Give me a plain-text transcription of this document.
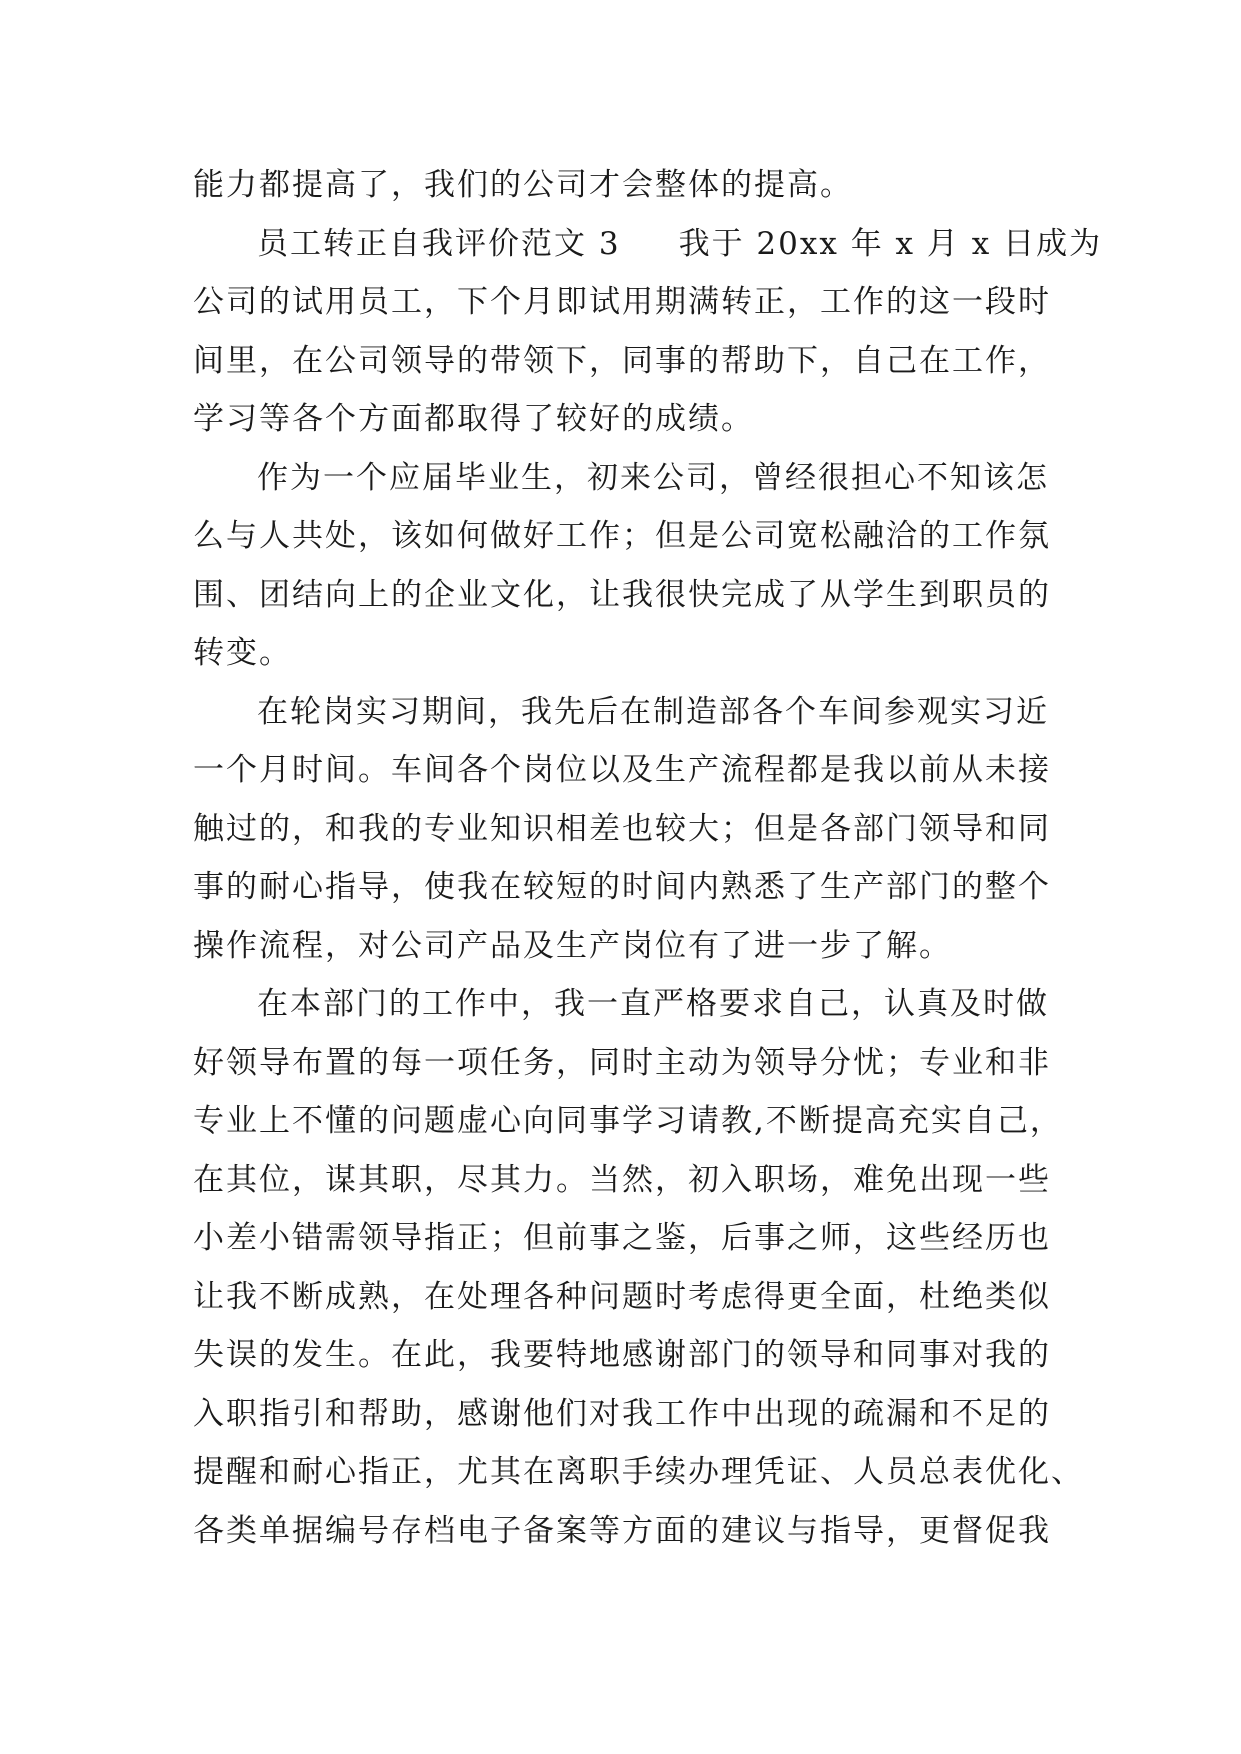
能力都提高了，我们的公司才会整体的提高。
员工转正自我评价范文 3 我于 20xx 年 x 月 x 日成为
公司的试用员工，下个月即试用期满转正，工作的这一段时
间里，在公司领导的带领下，同事的帮助下，自己在工作，
学习等各个方面都取得了较好的成绩。
作为一个应届毕业生，初来公司，曾经很担心不知该怎
么与人共处，该如何做好工作；但是公司宽松融洽的工作氛
围、团结向上的企业文化，让我很快完成了从学生到职员的
转变。
在轮岗实习期间，我先后在制造部各个车间参观实习近
一个月时间。车间各个岗位以及生产流程都是我以前从未接
触过的，和我的专业知识相差也较大；但是各部门领导和同
事的耐心指导，使我在较短的时间内熟悉了生产部门的整个
操作流程，对公司产品及生产岗位有了进一步了解。
在本部门的工作中，我一直严格要求自己，认真及时做
好领导布置的每一项任务，同时主动为领导分忧；专业和非
专业上不懂的问题虚心向同事学习请教,不断提高充实自己，
在其位，谋其职，尽其力。当然，初入职场，难免出现一些
小差小错需领导指正；但前事之鉴，后事之师，这些经历也
让我不断成熟，在处理各种问题时考虑得更全面，杜绝类似
失误的发生。在此，我要特地感谢部门的领导和同事对我的
入职指引和帮助，感谢他们对我工作中出现的疏漏和不足的
提醒和耐心指正，尤其在离职手续办理凭证、人员总表优化、
各类单据编号存档电子备案等方面的建议与指导，更督促我
